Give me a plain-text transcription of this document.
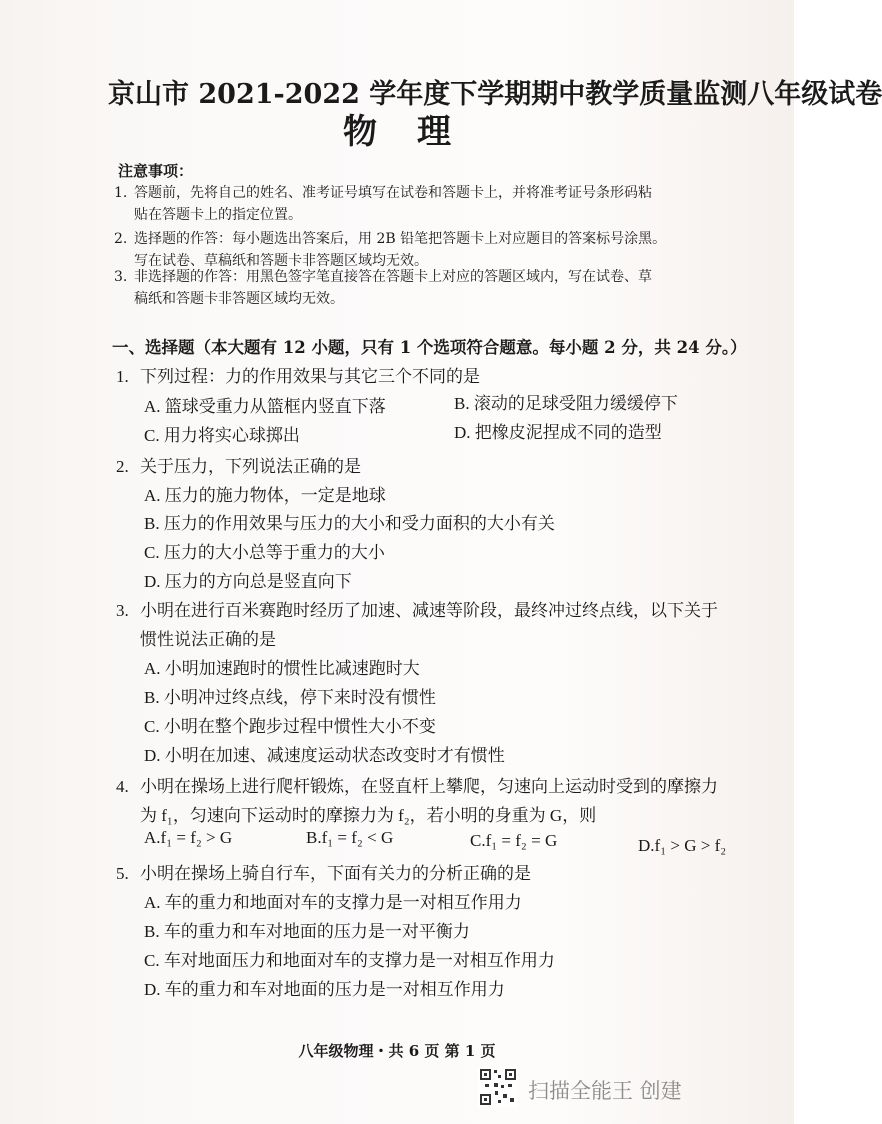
京山市 2021-2022 学年度下学期期中教学质量监测八年级试卷
物理
注意事项：
1. 答题前，先将自己的姓名、准考证号填写在试卷和答题卡上，并将准考证号条形码粘
贴在答题卡上的指定位置。
2. 选择题的作答：每小题选出答案后，用 2B 铅笔把答题卡上对应题目的答案标号涂黑。
写在试卷、草稿纸和答题卡非答题区域均无效。
3. 非选择题的作答：用黑色签字笔直接答在答题卡上对应的答题区域内，写在试卷、草
稿纸和答题卡非答题区域均无效。
一、选择题（本大题有 12 小题，只有 1 个选项符合题意。每小题 2 分，共 24 分。）
1. 下列过程：力的作用效果与其它三个不同的是
A. 篮球受重力从篮框内竖直下落	B. 滚动的足球受阻力缓缓停下
C. 用力将实心球掷出	D. 把橡皮泥捏成不同的造型
2. 关于压力，下列说法正确的是
A. 压力的施力物体，一定是地球
B. 压力的作用效果与压力的大小和受力面积的大小有关
C. 压力的大小总等于重力的大小
D. 压力的方向总是竖直向下
3. 小明在进行百米赛跑时经历了加速、减速等阶段，最终冲过终点线，以下关于
惯性说法正确的是
A. 小明加速跑时的惯性比减速跑时大
B. 小明冲过终点线，停下来时没有惯性
C. 小明在整个跑步过程中惯性大小不变
D. 小明在加速、减速度运动状态改变时才有惯性
4. 小明在操场上进行爬杆锻炼，在竖直杆上攀爬，匀速向上运动时受到的摩擦力
为 f₁，匀速向下运动时的摩擦力为 f₂，若小明的身重为 G，则
A.f₁ = f₂ > G	B.f₁ = f₂ < G	C.f₁ = f₂ = G	D.f₁ > G > f₂
5. 小明在操场上骑自行车，下面有关力的分析正确的是
A. 车的重力和地面对车的支撑力是一对相互作用力
B. 车的重力和车对地面的压力是一对平衡力
C. 车对地面压力和地面对车的支撑力是一对相互作用力
D. 车的重力和车对地面的压力是一对相互作用力
八年级物理・共 6 页 第 1 页
扫描全能王 创建
